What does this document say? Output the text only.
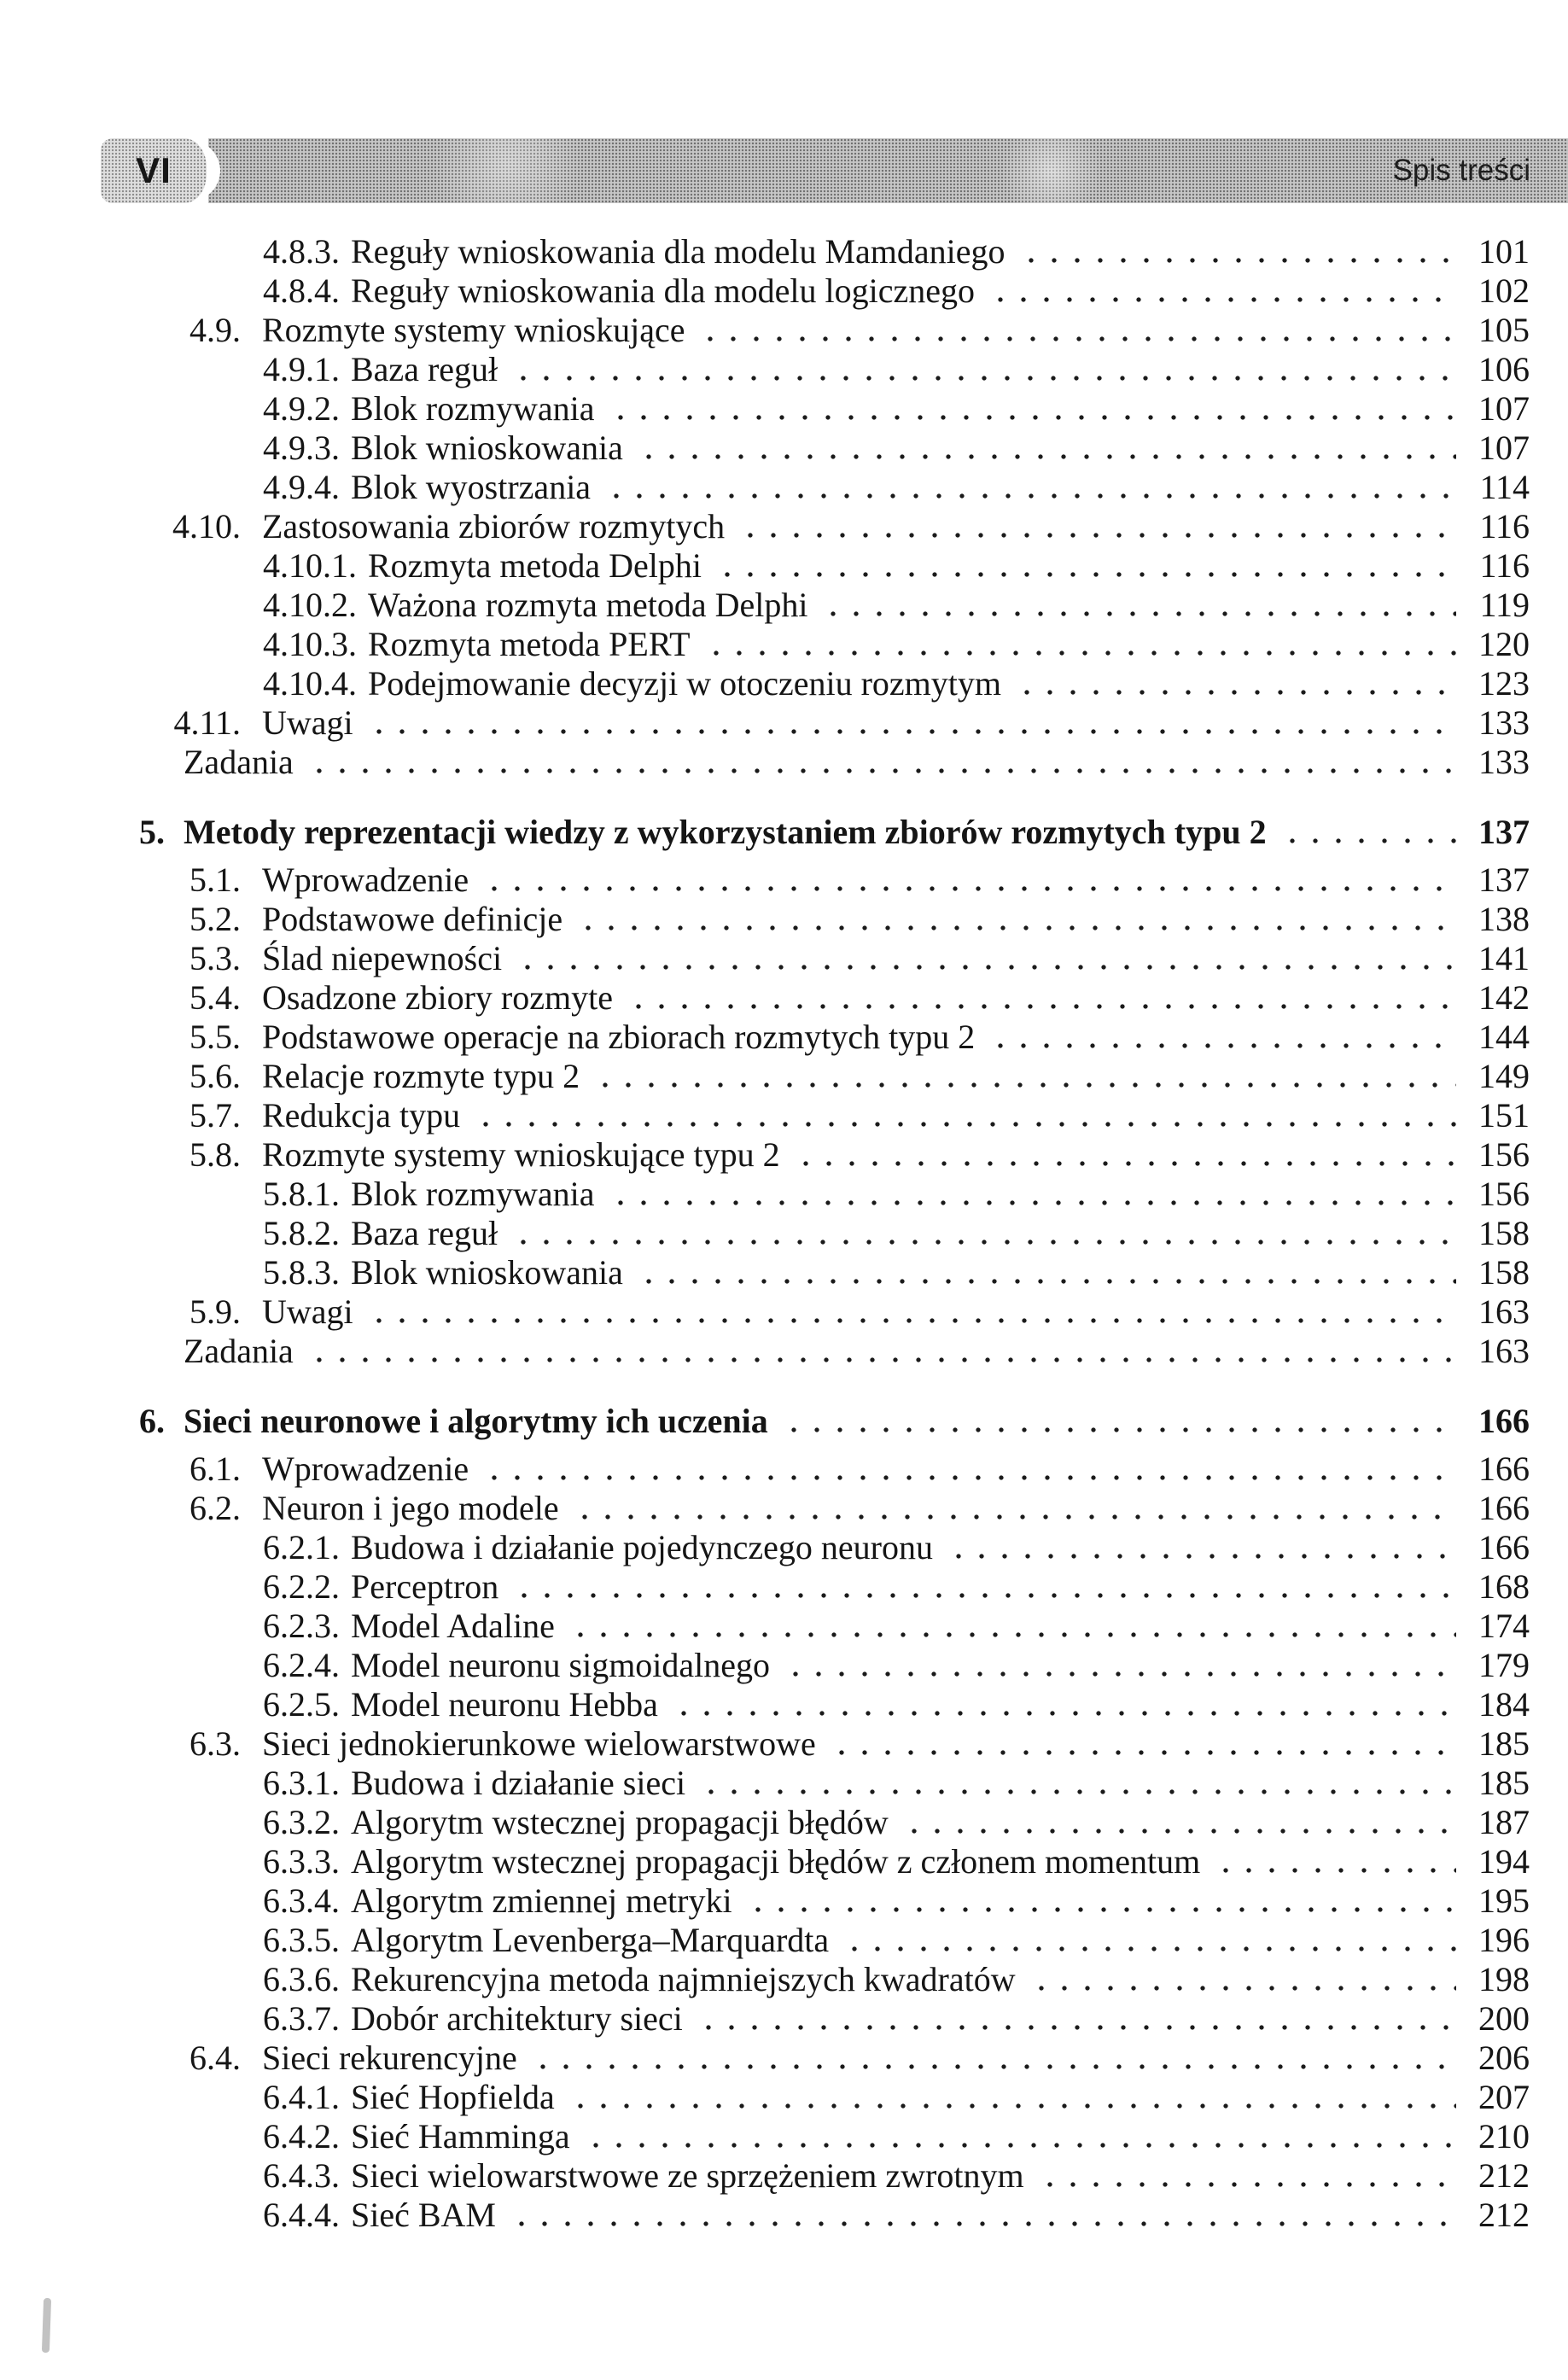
VI	Spis treści
4.8.3. Reguły wnioskowania dla modelu Mamdaniego	101
4.8.4. Reguły wnioskowania dla modelu logicznego	102
4.9. Rozmyte systemy wnioskujące	105
4.9.1. Baza reguł	106
4.9.2. Blok rozmywania	107
4.9.3. Blok wnioskowania	107
4.9.4. Blok wyostrzania	114
4.10. Zastosowania zbiorów rozmytych	116
4.10.1. Rozmyta metoda Delphi	116
4.10.2. Ważona rozmyta metoda Delphi	119
4.10.3. Rozmyta metoda PERT	120
4.10.4. Podejmowanie decyzji w otoczeniu rozmytym	123
4.11. Uwagi	133
Zadania	133
5. Metody reprezentacji wiedzy z wykorzystaniem zbiorów rozmytych typu 2	137
5.1. Wprowadzenie	137
5.2. Podstawowe definicje	138
5.3. Ślad niepewności	141
5.4. Osadzone zbiory rozmyte	142
5.5. Podstawowe operacje na zbiorach rozmytych typu 2	144
5.6. Relacje rozmyte typu 2	149
5.7. Redukcja typu	151
5.8. Rozmyte systemy wnioskujące typu 2	156
5.8.1. Blok rozmywania	156
5.8.2. Baza reguł	158
5.8.3. Blok wnioskowania	158
5.9. Uwagi	163
Zadania	163
6. Sieci neuronowe i algorytmy ich uczenia	166
6.1. Wprowadzenie	166
6.2. Neuron i jego modele	166
6.2.1. Budowa i działanie pojedynczego neuronu	166
6.2.2. Perceptron	168
6.2.3. Model Adaline	174
6.2.4. Model neuronu sigmoidalnego	179
6.2.5. Model neuronu Hebba	184
6.3. Sieci jednokierunkowe wielowarstwowe	185
6.3.1. Budowa i działanie sieci	185
6.3.2. Algorytm wstecznej propagacji błędów	187
6.3.3. Algorytm wstecznej propagacji błędów z członem momentum	194
6.3.4. Algorytm zmiennej metryki	195
6.3.5. Algorytm Levenberga–Marquardta	196
6.3.6. Rekurencyjna metoda najmniejszych kwadratów	198
6.3.7. Dobór architektury sieci	200
6.4. Sieci rekurencyjne	206
6.4.1. Sieć Hopfielda	207
6.4.2. Sieć Hamminga	210
6.4.3. Sieci wielowarstwowe ze sprzężeniem zwrotnym	212
6.4.4. Sieć BAM	212
